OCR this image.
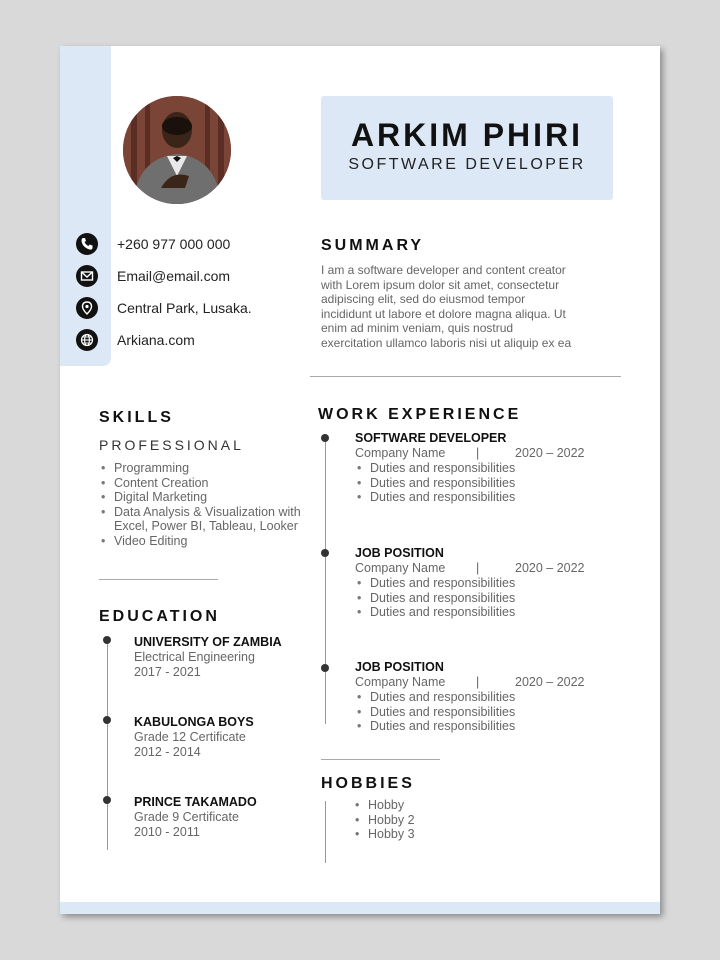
ARKIM PHIRI
SOFTWARE DEVELOPER
+260 977 000 000
Email@email.com
Central Park, Lusaka.
Arkiana.com
SUMMARY
I am a software developer and content creator
with Lorem ipsum dolor sit amet, consectetur
adipiscing elit, sed do eiusmod tempor
incididunt ut labore et dolore magna aliqua. Ut
enim ad minim veniam, quis nostrud
exercitation ullamco laboris nisi ut aliquip ex ea
SKILLS
PROFESSIONAL
• Programming
• Content Creation
• Digital Marketing
• Data Analysis & Visualization with Excel, Power BI, Tableau, Looker
• Video Editing
EDUCATION
UNIVERSITY OF ZAMBIA
Electrical Engineering
2017 - 2021
KABULONGA BOYS
Grade 12 Certificate
2012 - 2014
PRINCE TAKAMADO
Grade 9 Certificate
2010 - 2011
WORK EXPERIENCE
SOFTWARE DEVELOPER
Company Name |	2020 – 2022
• Duties and responsibilities
• Duties and responsibilities
• Duties and responsibilities
JOB POSITION
Company Name |	2020 – 2022
• Duties and responsibilities
• Duties and responsibilities
• Duties and responsibilities
JOB POSITION
Company Name |	2020 – 2022
• Duties and responsibilities
• Duties and responsibilities
• Duties and responsibilities
HOBBIES
• Hobby
• Hobby 2
• Hobby 3
